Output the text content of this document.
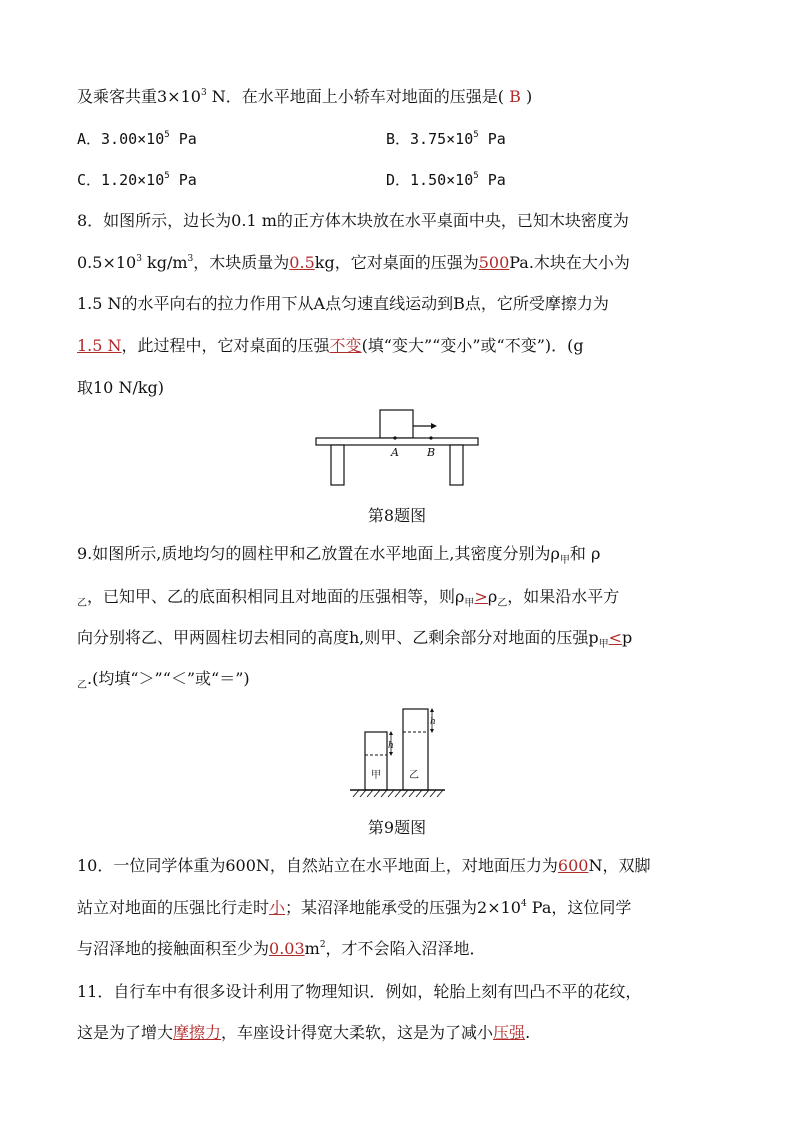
及乘客共重$3\times 10^3$ N．在水平地面上小轿车对地面的压强是( B )
A．$3.00\times 10^5$ Pa	B．$3.75\times 10^5$ Pa
C．$1.20\times 10^5$ Pa	D．$1.50\times 10^5$ Pa
8．如图所示，边长为0.1 m的正方体木块放在水平桌面中央，已知木块密度为
$0.5\times 10^3$ $kg/m^3$，木块质量为0.5kg，它对桌面的压强为500Pa.木块在大小为
1.5 N的水平向右的拉力作用下从A点匀速直线运动到B点，它所受摩擦力为
1.5 N，此过程中，它对桌面的压强不变(填“变大”“变小”或“不变”)．(g
取10 N/kg)
A	B
第8题图
9.如图所示,质地均匀的圆柱甲和乙放置在水平地面上,其密度分别为$\rho_甲$和 ρ
$_乙$，已知甲、乙的底面积相同且对地面的压强相等，则$\rho_甲>\rho_乙$，如果沿水平方
向分别将乙、甲两圆柱切去相同的高度h,则甲、乙剩余部分对地面的压强$p_甲<p$
$_乙$.(均填“＞”“＜”或“＝”)
h
甲
h
乙
第9题图
10．一位同学体重为600N，自然站立在水平地面上，对地面压力为600N，双脚
站立对地面的压强比行走时小；某沼泽地能承受的压强为$2\times 10^4$ Pa，这位同学
与沼泽地的接触面积至少为$0.03m^2$，才不会陷入沼泽地．
11．自行车中有很多设计利用了物理知识．例如，轮胎上刻有凹凸不平的花纹，
这是为了增大摩擦力，车座设计得宽大柔软，这是为了减小压强.
